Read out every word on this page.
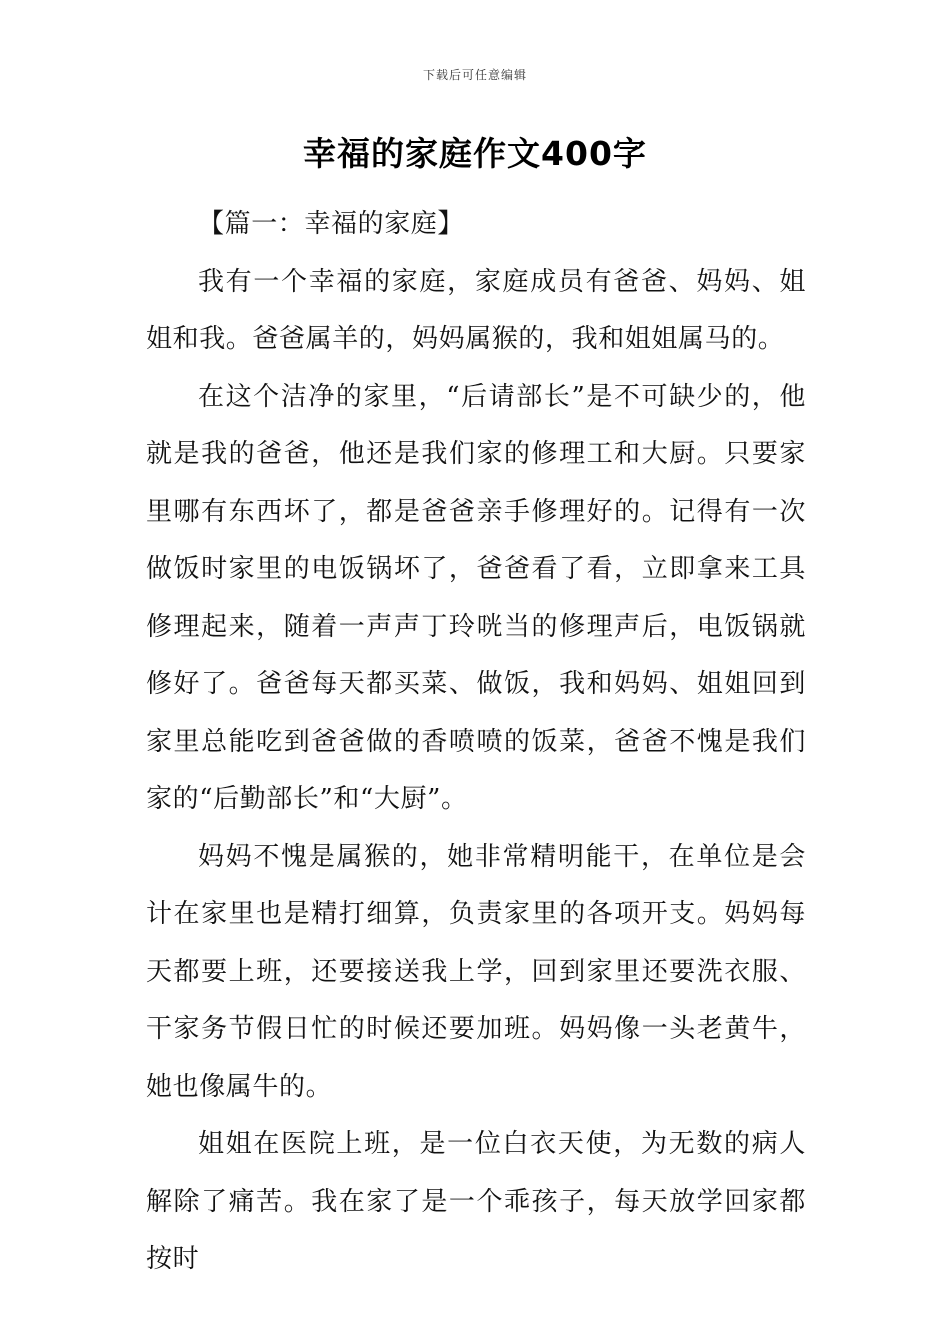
下载后可任意编辑
幸福的家庭作文400字

【篇一：幸福的家庭】

我有一个幸福的家庭，家庭成员有爸爸、妈妈、姐姐和我。爸爸属羊的，妈妈属猴的，我和姐姐属马的。

在这个洁净的家里，“后请部长”是不可缺少的，他就是我的爸爸，他还是我们家的修理工和大厨。只要家里哪有东西坏了，都是爸爸亲手修理好的。记得有一次做饭时家里的电饭锅坏了，爸爸看了看，立即拿来工具修理起来，随着一声声丁玲咣当的修理声后，电饭锅就修好了。爸爸每天都买菜、做饭，我和妈妈、姐姐回到家里总能吃到爸爸做的香喷喷的饭菜，爸爸不愧是我们家的“后勤部长”和“大厨”。

妈妈不愧是属猴的，她非常精明能干，在单位是会计在家里也是精打细算，负责家里的各项开支。妈妈每天都要上班，还要接送我上学，回到家里还要洗衣服、干家务节假日忙的时候还要加班。妈妈像一头老黄牛，她也像属牛的。

姐姐在医院上班，是一位白衣天使，为无数的病人解除了痛苦。我在家了是一个乖孩子，每天放学回家都按时
